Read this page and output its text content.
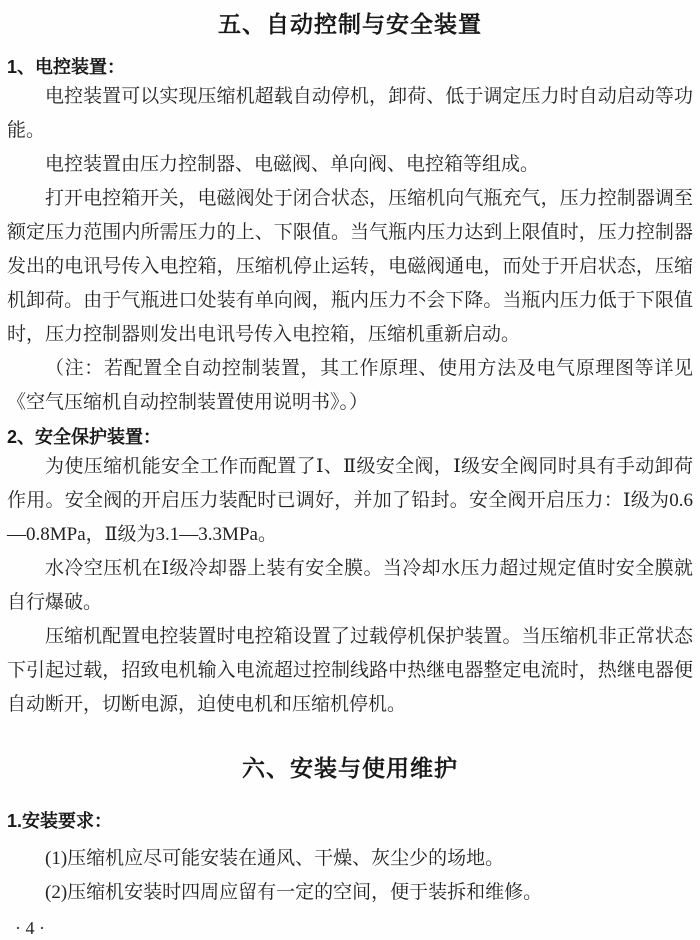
五、自动控制与安全装置
1、电控装置：

电控装置可以实现压缩机超载自动停机，卸荷、低于调定压力时自动启动等功能。

电控装置由压力控制器、电磁阀、单向阀、电控箱等组成。

打开电控箱开关，电磁阀处于闭合状态，压缩机向气瓶充气，压力控制器调至额定压力范围内所需压力的上、下限值。当气瓶内压力达到上限值时，压力控制器发出的电讯号传入电控箱，压缩机停止运转，电磁阀通电，而处于开启状态，压缩机卸荷。由于气瓶进口处装有单向阀，瓶内压力不会下降。当瓶内压力低于下限值时，压力控制器则发出电讯号传入电控箱，压缩机重新启动。

（注：若配置全自动控制装置，其工作原理、使用方法及电气原理图等详见《空气压缩机自动控制装置使用说明书》。）

2、安全保护装置：

为使压缩机能安全工作而配置了Ⅰ、Ⅱ级安全阀，Ⅰ级安全阀同时具有手动卸荷作用。安全阀的开启压力装配时已调好，并加了铅封。安全阀开启压力：Ⅰ级为0.6—0.8MPa，Ⅱ级为3.1—3.3MPa。

水冷空压机在Ⅰ级冷却器上装有安全膜。当冷却水压力超过规定值时安全膜就自行爆破。

压缩机配置电控装置时电控箱设置了过载停机保护装置。当压缩机非正常状态下引起过载，招致电机输入电流超过控制线路中热继电器整定电流时，热继电器便自动断开，切断电源，迫使电机和压缩机停机。

六、安装与使用维护
1.安装要求：

(1)压缩机应尽可能安装在通风、干燥、灰尘少的场地。

(2)压缩机安装时四周应留有一定的空间，便于装拆和维修。

· 4 ·
